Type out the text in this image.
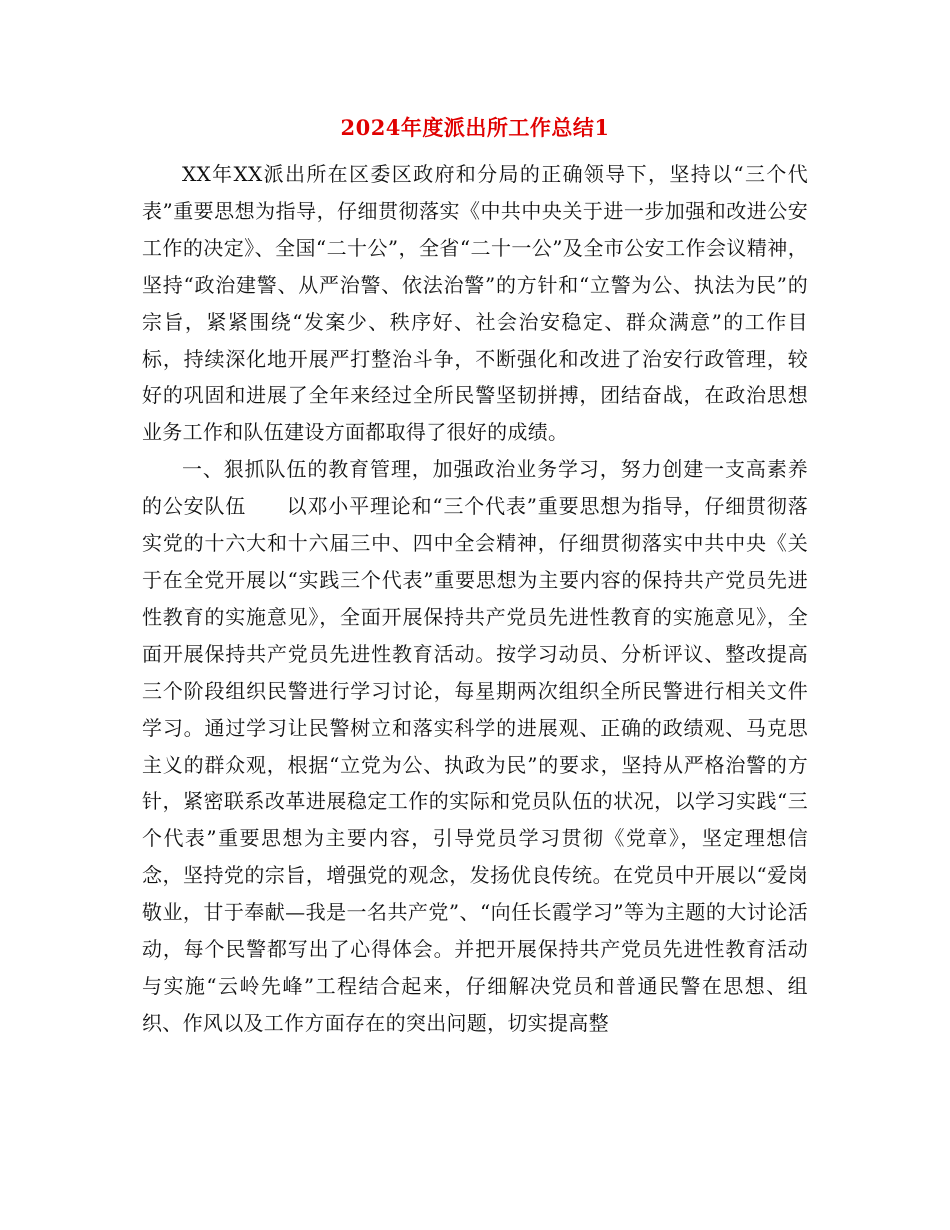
2024年度派出所工作总结1

XX年XX派出所在区委区政府和分局的正确领导下，坚持以“三个代表”重要思想为指导，仔细贯彻落实《中共中央关于进一步加强和改进公安工作的决定》、全国“二十公”，全省“二十一公”及全市公安工作会议精神，坚持“政治建警、从严治警、依法治警”的方针和“立警为公、执法为民”的宗旨，紧紧围绕“发案少、秩序好、社会治安稳定、群众满意”的工作目标，持续深化地开展严打整治斗争，不断强化和改进了治安行政管理，较好的巩固和进展了全年来经过全所民警坚韧拼搏，团结奋战，在政治思想业务工作和队伍建设方面都取得了很好的成绩。

一、狠抓队伍的教育管理，加强政治业务学习，努力创建一支高素养的公安队伍 以邓小平理论和“三个代表”重要思想为指导，仔细贯彻落实党的十六大和十六届三中、四中全会精神，仔细贯彻落实中共中央《关于在全党开展以“实践三个代表”重要思想为主要内容的保持共产党员先进性教育的实施意见》，全面开展保持共产党员先进性教育的实施意见》，全面开展保持共产党员先进性教育活动。按学习动员、分析评议、整改提高三个阶段组织民警进行学习讨论，每星期两次组织全所民警进行相关文件学习。通过学习让民警树立和落实科学的进展观、正确的政绩观、马克思主义的群众观，根据“立党为公、执政为民”的要求，坚持从严格治警的方针，紧密联系改革进展稳定工作的实际和党员队伍的状况，以学习实践“三个代表”重要思想为主要内容，引导党员学习贯彻《党章》，坚定理想信念，坚持党的宗旨，增强党的观念，发扬优良传统。在党员中开展以“爱岗敬业，甘于奉献—我是一名共产党”、“向任长霞学习”等为主题的大讨论活动，每个民警都写出了心得体会。并把开展保持共产党员先进性教育活动与实施“云岭先峰”工程结合起来，仔细解决党员和普通民警在思想、组织、作风以及工作方面存在的突出问题，切实提高整
